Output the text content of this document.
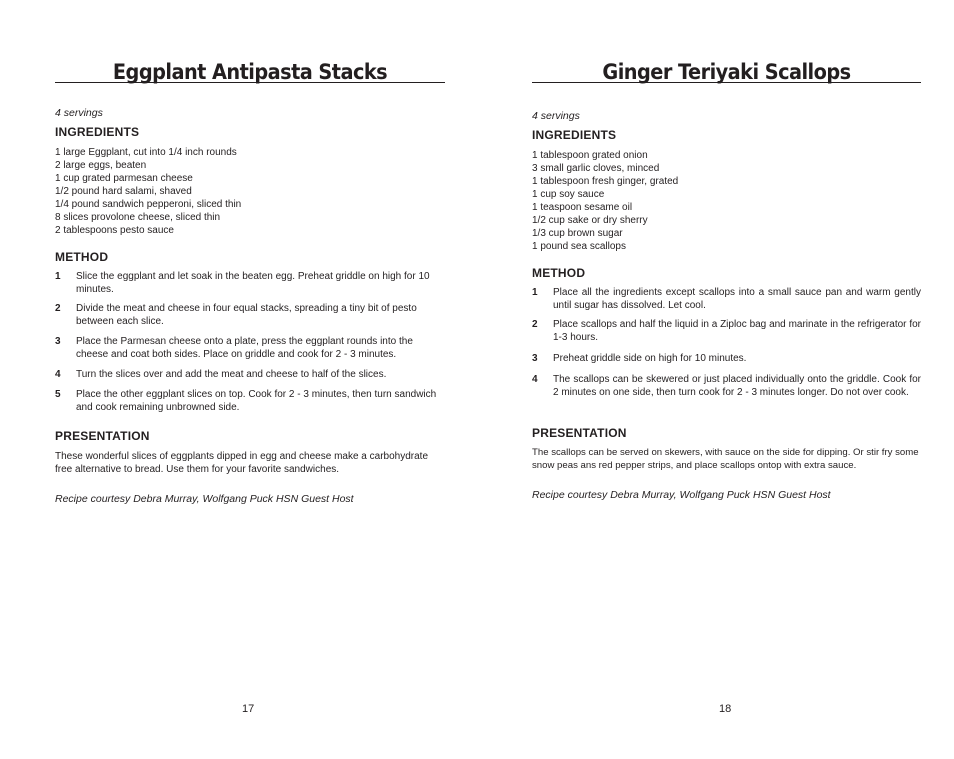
Eggplant Antipasta Stacks
4 servings
INGREDIENTS
1 large Eggplant, cut into 1/4 inch rounds
2 large eggs, beaten
1 cup grated parmesan cheese
1/2 pound hard salami, shaved
1/4 pound sandwich pepperoni, sliced thin
8 slices provolone cheese, sliced thin
2 tablespoons pesto sauce
METHOD
1 Slice the eggplant and let soak in the beaten egg. Preheat griddle on high for 10 minutes.
2 Divide the meat and cheese in four equal stacks, spreading a tiny bit of pesto between each slice.
3 Place the Parmesan cheese onto a plate, press the eggplant rounds into the cheese and coat both sides. Place on griddle and cook for 2 - 3 minutes.
4 Turn the slices over and add the meat and cheese to half of the slices.
5 Place the other eggplant slices on top. Cook for 2 - 3 minutes, then turn sandwich and cook remaining unbrowned side.
PRESENTATION
These wonderful slices of eggplants dipped in egg and cheese make a carbohydrate free alternative to bread. Use them for your favorite sandwiches.
Recipe courtesy Debra Murray, Wolfgang Puck HSN Guest Host
17
Ginger Teriyaki Scallops
4 servings
INGREDIENTS
1 tablespoon grated onion
3 small garlic cloves, minced
1 tablespoon fresh ginger, grated
1 cup soy sauce
1 teaspoon sesame oil
1/2 cup sake or dry sherry
1/3 cup brown sugar
1 pound sea scallops
METHOD
1 Place all the ingredients except scallops into a small sauce pan and warm gently until sugar has dissolved. Let cool.
2 Place scallops and half the liquid in a Ziploc bag and marinate in the refrigerator for 1-3 hours.
3 Preheat griddle side on high for 10 minutes.
4 The scallops can be skewered or just placed individually onto the griddle. Cook for 2 minutes on one side, then turn cook for 2 - 3 minutes longer. Do not over cook.
PRESENTATION
The scallops can be served on skewers, with sauce on the side for dipping. Or stir fry some snow peas ans red pepper strips, and place scallops ontop with extra sauce.
Recipe courtesy Debra Murray, Wolfgang Puck HSN Guest Host
18
